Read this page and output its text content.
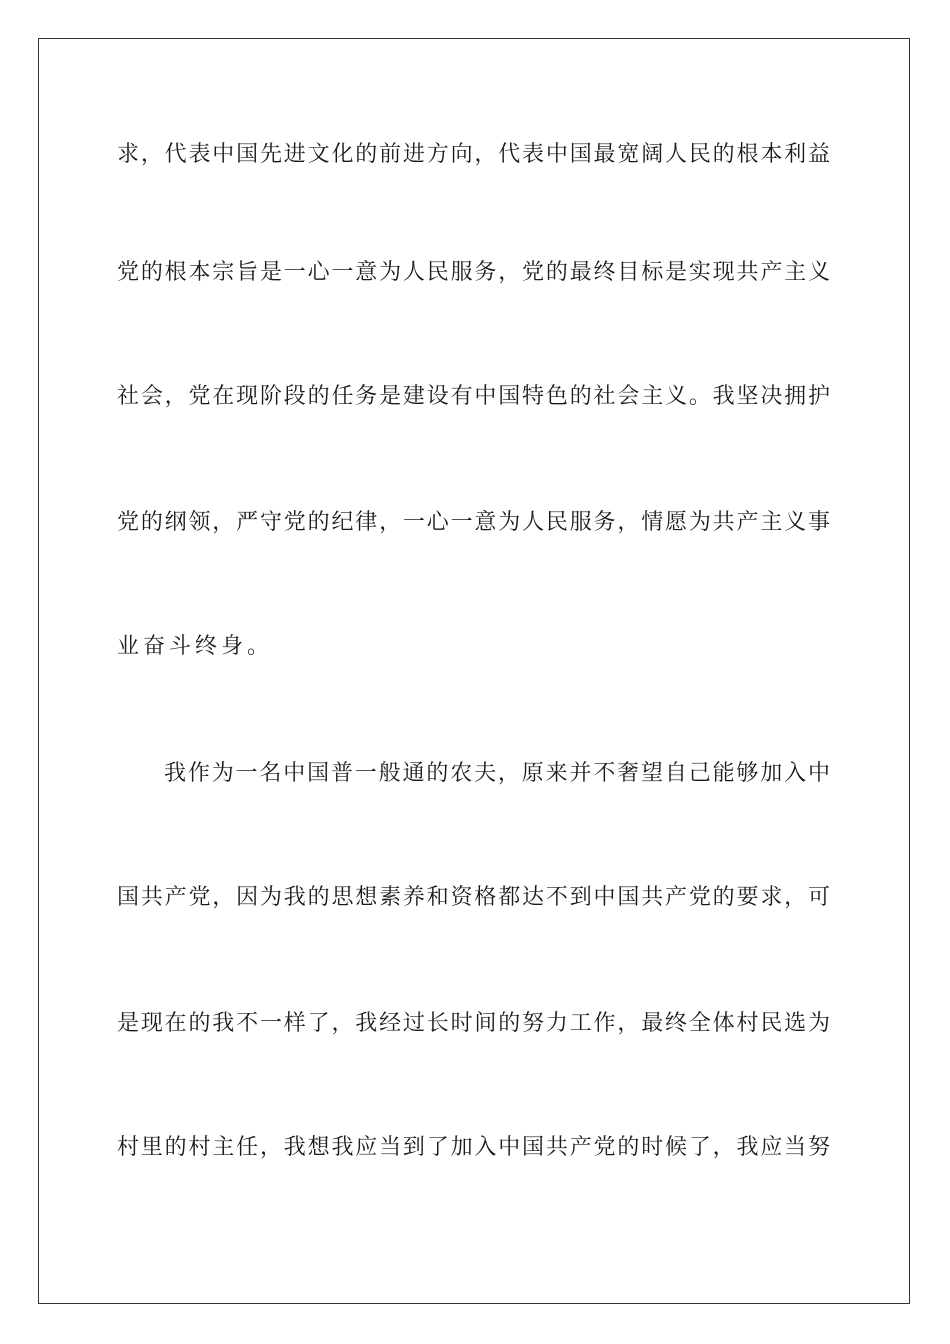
求，代表中国先进文化的前进方向，代表中国最宽阔人民的根本利益

党的根本宗旨是一心一意为人民服务，党的最终目标是实现共产主义

社会，党在现阶段的任务是建设有中国特色的社会主义。我坚决拥护

党的纲领，严守党的纪律，一心一意为人民服务，情愿为共产主义事

业奋斗终身。

我作为一名中国普一般通的农夫，原来并不奢望自己能够加入中

国共产党，因为我的思想素养和资格都达不到中国共产党的要求，可

是现在的我不一样了，我经过长时间的努力工作，最终全体村民选为

村里的村主任，我想我应当到了加入中国共产党的时候了，我应当努
